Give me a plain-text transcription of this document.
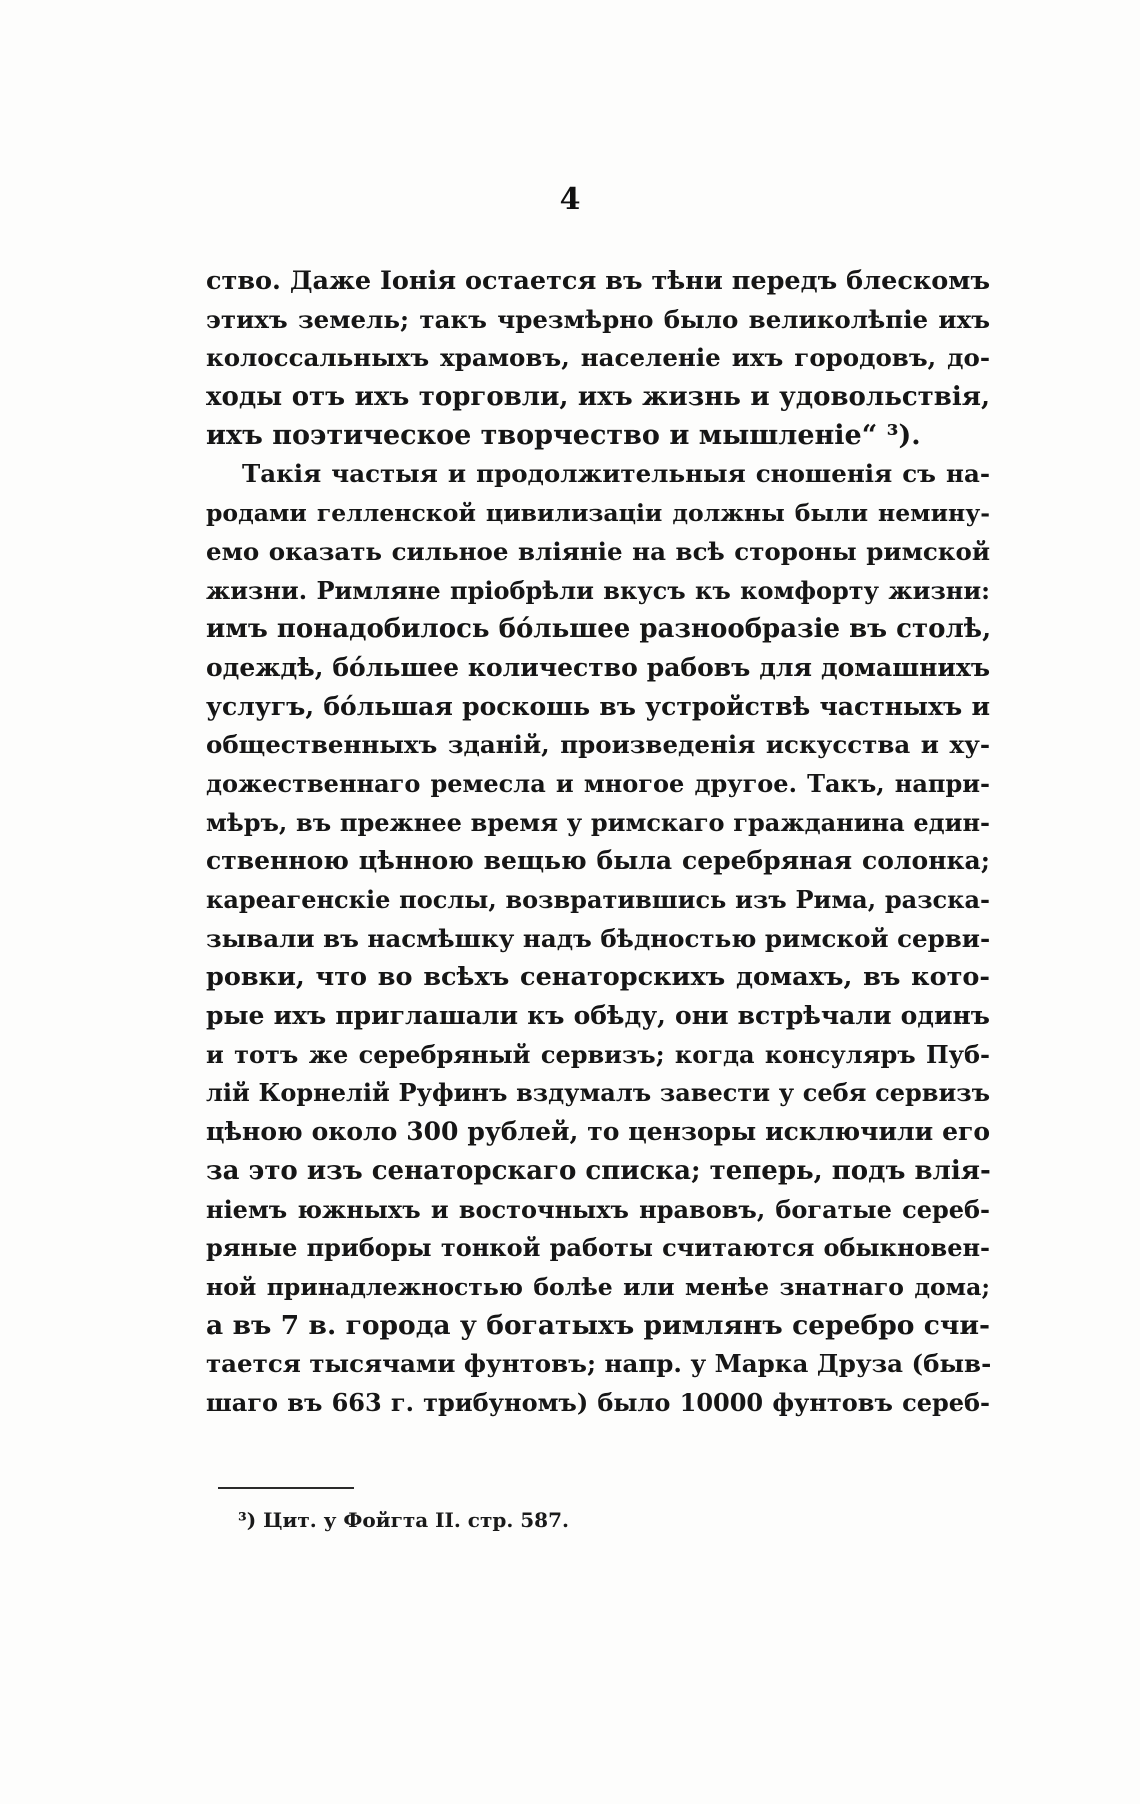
4
ство. Даже Іонія остается въ тѣни передъ блескомъ
этихъ земель; такъ чрезмѣрно было великолѣпіе ихъ
колоссальныхъ храмовъ, населеніе ихъ городовъ, до-
ходы отъ ихъ торговли, ихъ жизнь и удовольствія,
ихъ поэтическое творчество и мышленіе“ ³).
Такія частыя и продолжительныя сношенія съ на-
родами гелленской цивилизаціи должны были немину-
емо оказать сильное вліяніе на всѣ стороны римской
жизни. Римляне пріобрѣли вкусъ къ комфорту жизни:
имъ понадобилось бо́льшее разнообразіе въ столѣ,
одеждѣ, бо́льшее количество рабовъ для домашнихъ
услугъ, бо́льшая роскошь въ устройствѣ частныхъ и
общественныхъ зданій, произведенія искусства и ху-
дожественнаго ремесла и многое другое. Такъ, напри-
мѣръ, въ прежнее время у римскаго гражданина един-
ственною цѣнною вещью была серебряная солонка;
кареагенскіе послы, возвратившись изъ Рима, разска-
зывали въ насмѣшку надъ бѣдностью римской серви-
ровки, что во всѣхъ сенаторскихъ домахъ, въ кото-
рые ихъ приглашали къ обѣду, они встрѣчали одинъ
и тотъ же серебряный сервизъ; когда консуляръ Пуб-
лій Корнелій Руфинъ вздумалъ завести у себя сервизъ
цѣною около 300 рублей, то цензоры исключили его
за это изъ сенаторскаго списка; теперь, подъ влія-
ніемъ южныхъ и восточныхъ нравовъ, богатые сереб-
ряные приборы тонкой работы считаются обыкновен-
ной принадлежностью болѣе или менѣе знатнаго дома;
а въ 7 в. города у богатыхъ римлянъ серебро счи-
тается тысячами фунтовъ; напр. у Марка Друза (быв-
шаго въ 663 г. трибуномъ) было 10000 фунтовъ сереб-
³) Цит. у Фойгта II. стр. 587.
